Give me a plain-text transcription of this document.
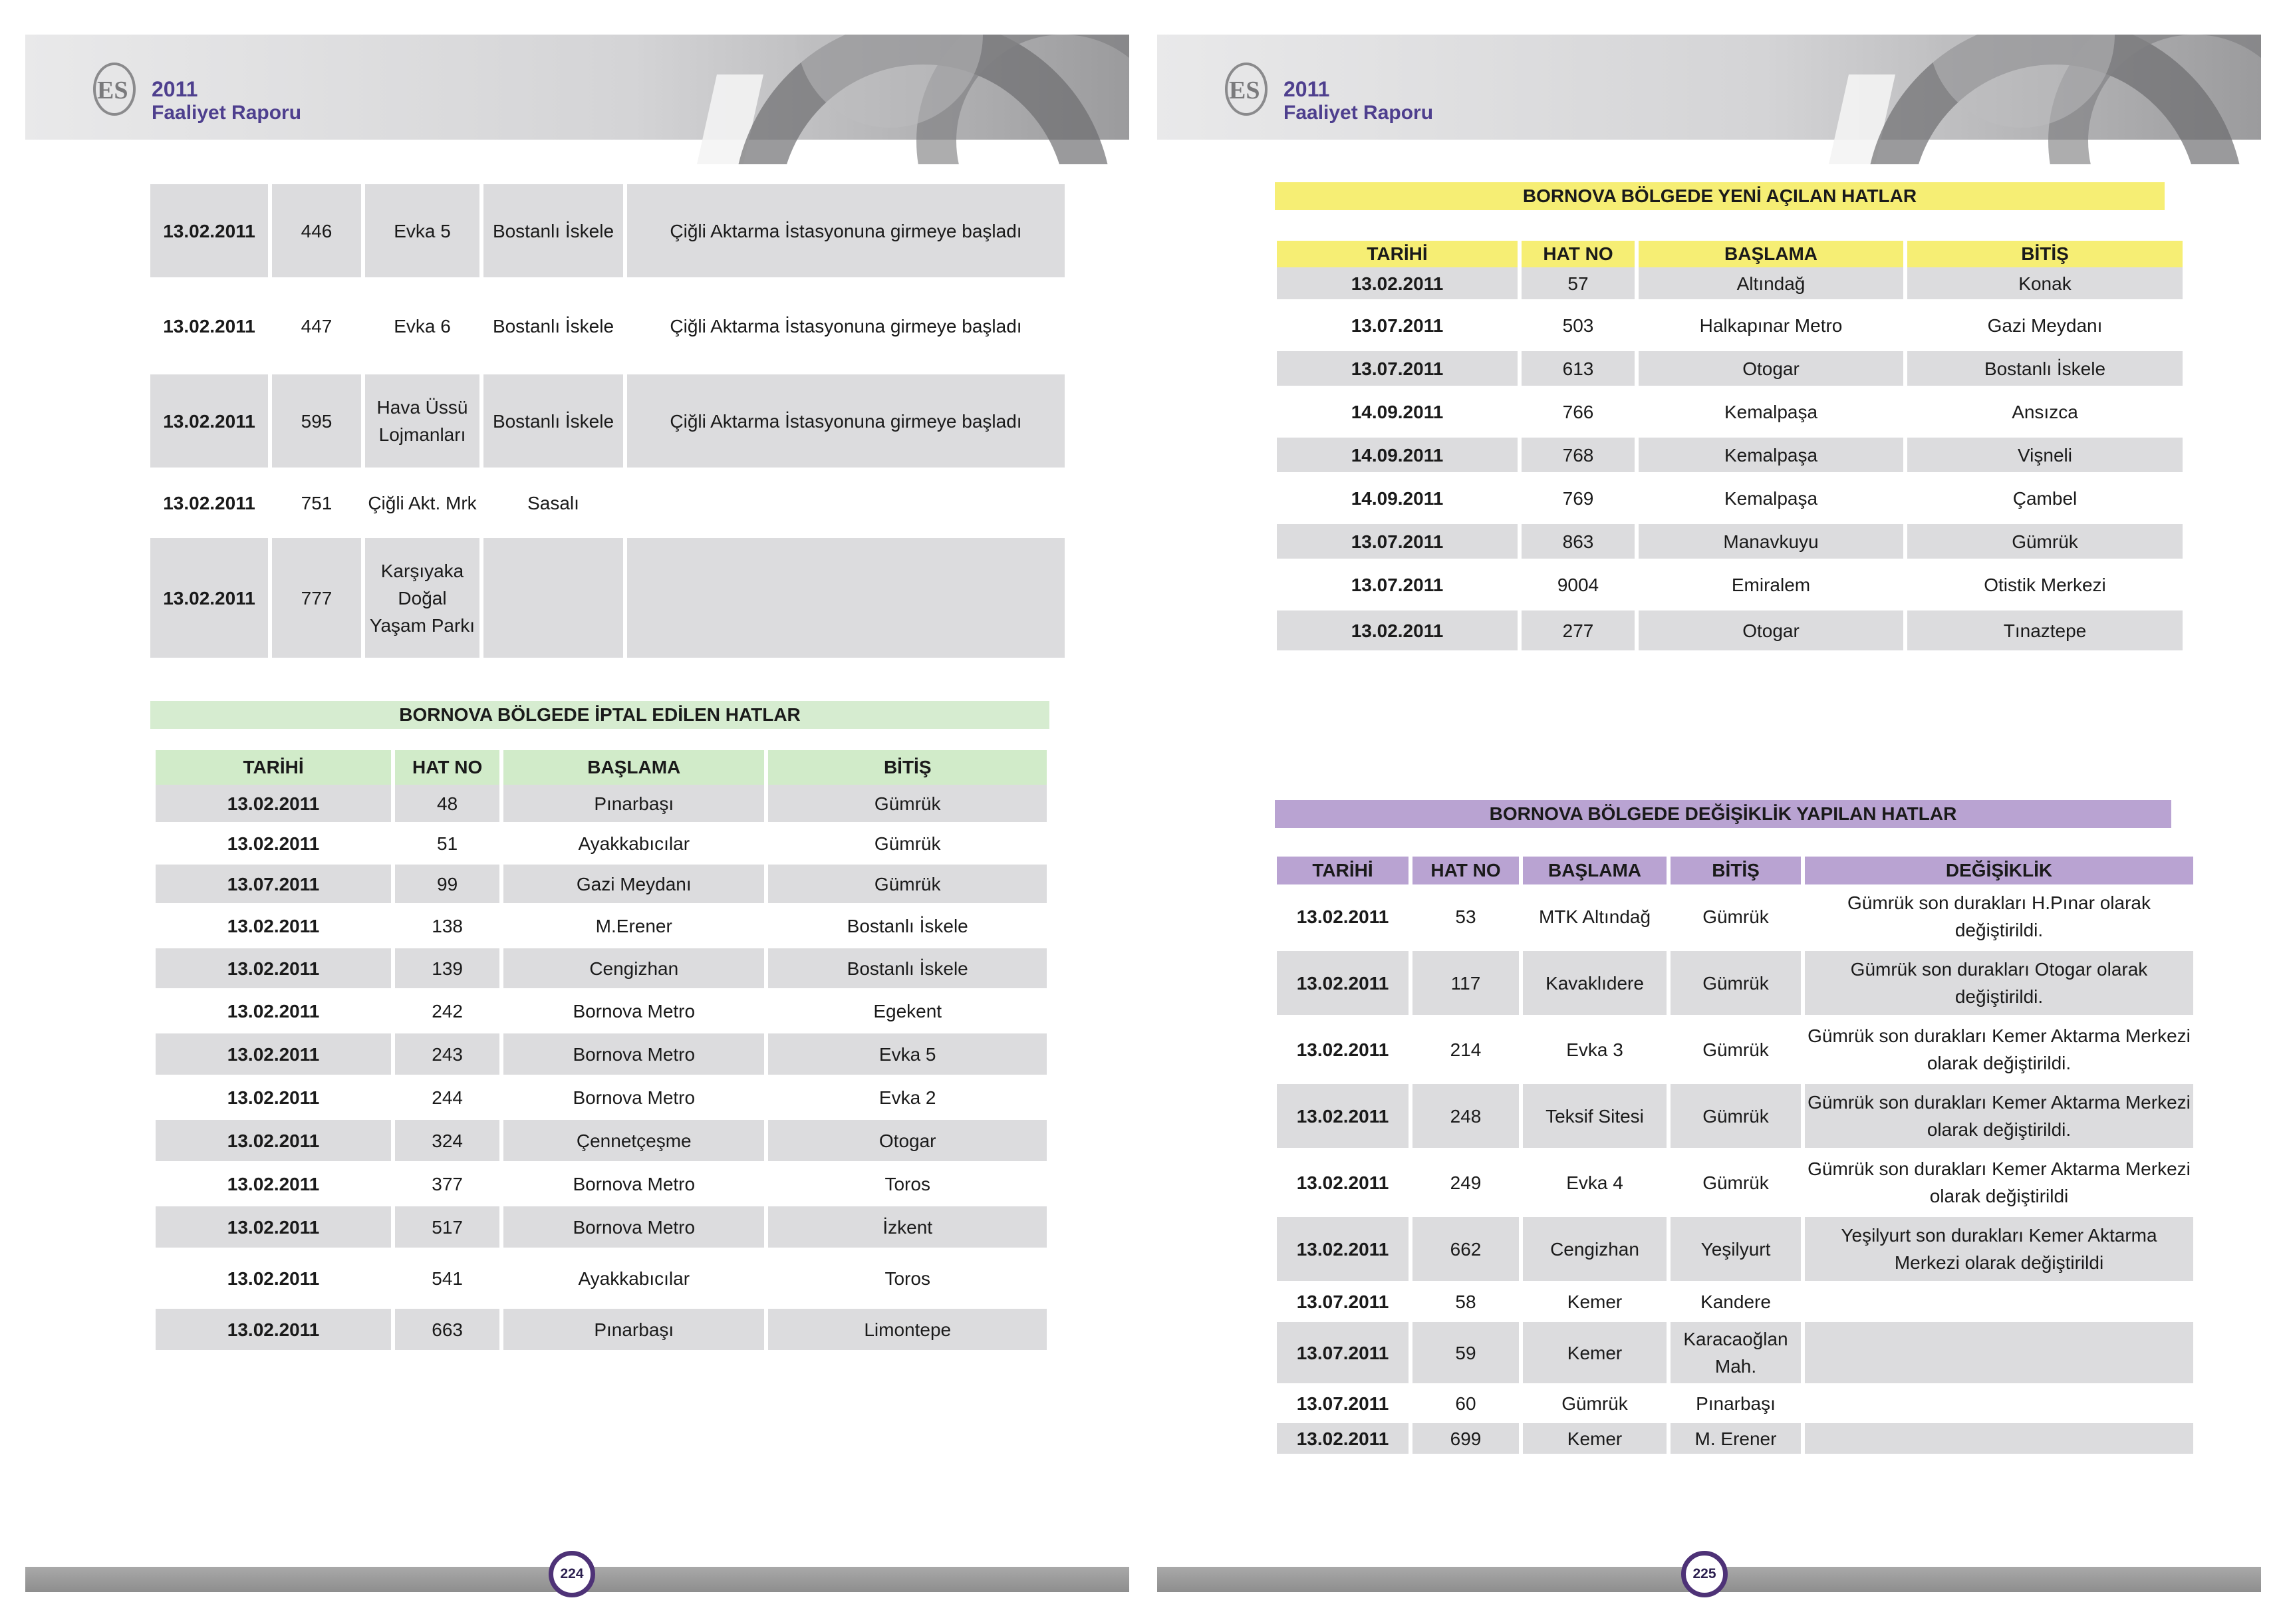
ES 2011
Faaliyet Raporu
13.02.2011	446	Evka 5	Bostanlı İskele	Çiğli Aktarma İstasyonuna girmeye başladı
13.02.2011	447	Evka 6	Bostanlı İskele	Çiğli Aktarma İstasyonuna girmeye başladı
13.02.2011	595	Hava Üssü Lojmanları	Bostanlı İskele	Çiğli Aktarma İstasyonuna girmeye başladı
13.02.2011	751	Çiğli Akt. Mrk	Sasalı	
13.02.2011	777	Karşıyaka Doğal Yaşam Parkı		
BORNOVA BÖLGEDE İPTAL EDİLEN HATLAR
TARİHİ	HAT NO	BAŞLAMA	BİTİŞ
13.02.2011	48	Pınarbaşı	Gümrük
13.02.2011	51	Ayakkabıcılar	Gümrük
13.07.2011	99	Gazi Meydanı	Gümrük
13.02.2011	138	M.Erener	Bostanlı İskele
13.02.2011	139	Cengizhan	Bostanlı İskele
13.02.2011	242	Bornova Metro	Egekent
13.02.2011	243	Bornova Metro	Evka 5
13.02.2011	244	Bornova Metro	Evka 2
13.02.2011	324	Çennetçeşme	Otogar
13.02.2011	377	Bornova Metro	Toros
13.02.2011	517	Bornova Metro	İzkent
13.02.2011	541	Ayakkabıcılar	Toros
13.02.2011	663	Pınarbaşı	Limontepe
224
ES 2011
Faaliyet Raporu
BORNOVA BÖLGEDE YENİ AÇILAN HATLAR
TARİHİ	HAT NO	BAŞLAMA	BİTİŞ
13.02.2011	57	Altındağ	Konak
13.07.2011	503	Halkapınar Metro	Gazi Meydanı
13.07.2011	613	Otogar	Bostanlı İskele
14.09.2011	766	Kemalpaşa	Ansızca
14.09.2011	768	Kemalpaşa	Vişneli
14.09.2011	769	Kemalpaşa	Çambel
13.07.2011	863	Manavkuyu	Gümrük
13.07.2011	9004	Emiralem	Otistik Merkezi
13.02.2011	277	Otogar	Tınaztepe
BORNOVA BÖLGEDE DEĞİŞİKLİK YAPILAN HATLAR
TARİHİ	HAT NO	BAŞLAMA	BİTİŞ	DEĞİŞİKLİK
13.02.2011	53	MTK Altındağ	Gümrük	Gümrük son durakları H.Pınar olarak değiştirildi.
13.02.2011	117	Kavaklıdere	Gümrük	Gümrük son durakları Otogar olarak değiştirildi.
13.02.2011	214	Evka 3	Gümrük	Gümrük son durakları Kemer Aktarma Merkezi olarak değiştirildi.
13.02.2011	248	Teksif Sitesi	Gümrük	Gümrük son durakları Kemer Aktarma Merkezi olarak değiştirildi.
13.02.2011	249	Evka 4	Gümrük	Gümrük son durakları Kemer Aktarma Merkezi olarak değiştirildi
13.02.2011	662	Cengizhan	Yeşilyurt	Yeşilyurt son durakları Kemer Aktarma Merkezi olarak değiştirildi
13.07.2011	58	Kemer	Kandere	
13.07.2011	59	Kemer	Karacaoğlan Mah.	
13.07.2011	60	Gümrük	Pınarbaşı	
13.02.2011	699	Kemer	M. Erener	
225
